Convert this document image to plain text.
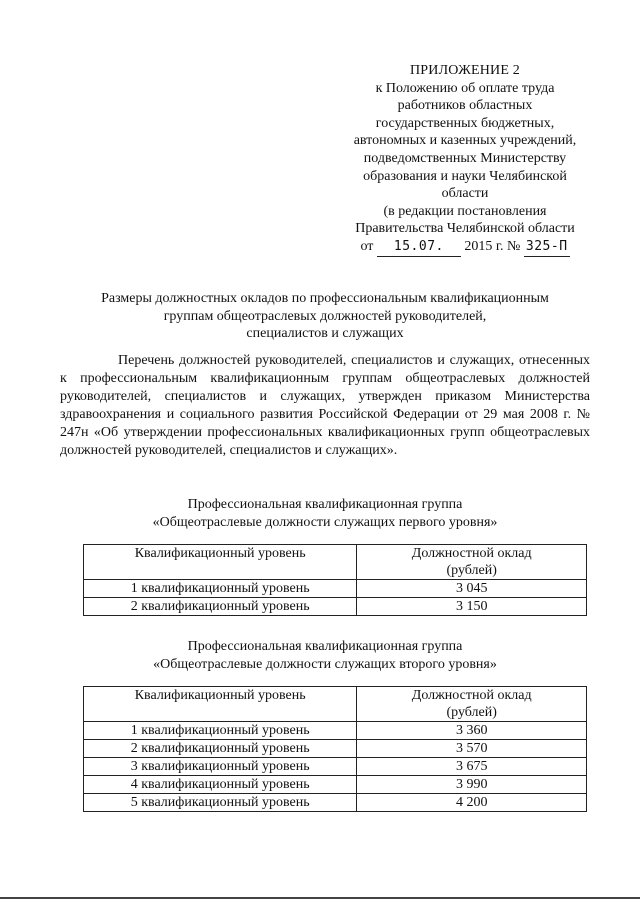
ПРИЛОЖЕНИЕ 2
к Положению об оплате труда
работников областных
государственных бюджетных,
автономных и казенных учреждений,
подведомственных Министерству
образования и науки Челябинской
области
(в редакции постановления
Правительства Челябинской области
от 15.07. 2015 г. № 325-П
Размеры должностных окладов по профессиональным квалификационным
группам общеотраслевых должностей руководителей,
специалистов и служащих
Перечень должностей руководителей, специалистов и служащих, отнесенных к профессиональным квалификационным группам общеотраслевых должностей руководителей, специалистов и служащих, утвержден приказом Министерства здравоохранения и социального развития Российской Федерации от 29 мая 2008 г. № 247н «Об утверждении профессиональных квалификационных групп общеотраслевых должностей руководителей, специалистов и служащих».
Профессиональная квалификационная группа
«Общеотраслевые должности служащих первого уровня»
Квалификационный уровень	Должностной оклад
(рублей)

1 квалификационный уровень	3 045
2 квалификационный уровень	3 150
Профессиональная квалификационная группа
«Общеотраслевые должности служащих второго уровня»
Квалификационный уровень	Должностной оклад
(рублей)

1 квалификационный уровень	3 360
2 квалификационный уровень	3 570
3 квалификационный уровень	3 675
4 квалификационный уровень	3 990
5 квалификационный уровень	4 200
